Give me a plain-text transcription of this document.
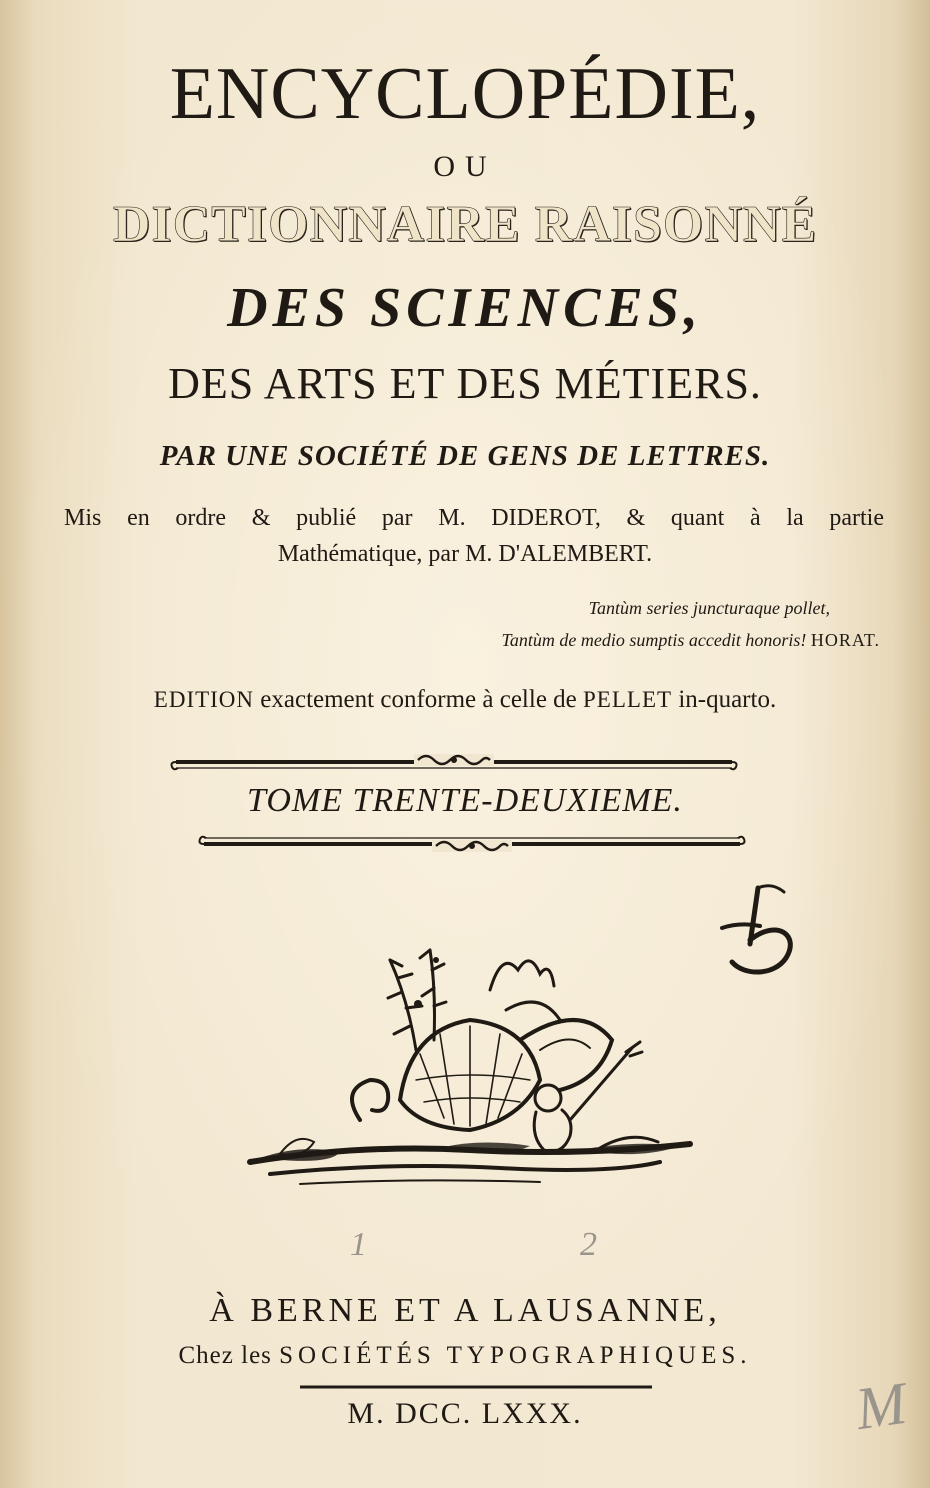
ENCYCLOPÉDIE,
OU
DICTIONNAIRE RAISONNÉ
DES SCIENCES,
DES ARTS ET DES MÉTIERS.
PAR UNE SOCIÉTÉ DE GENS DE LETTRES.
Mis en ordre & publié par M. DIDEROT, & quant à la partie
Mathématique, par M. D'ALEMBERT.
Tantùm series juncturaque pollet,
Tantùm de medio sumptis accedit honoris! HORAT.
EDITION exactement conforme à celle de PELLET in-quarto.
TOME TRENTE-DEUXIEME.
1	2
À BERNE ET A LAUSANNE,
Chez les SOCIÉTÉS TYPOGRAPHIQUES.
M. DCC. LXXX.	M
